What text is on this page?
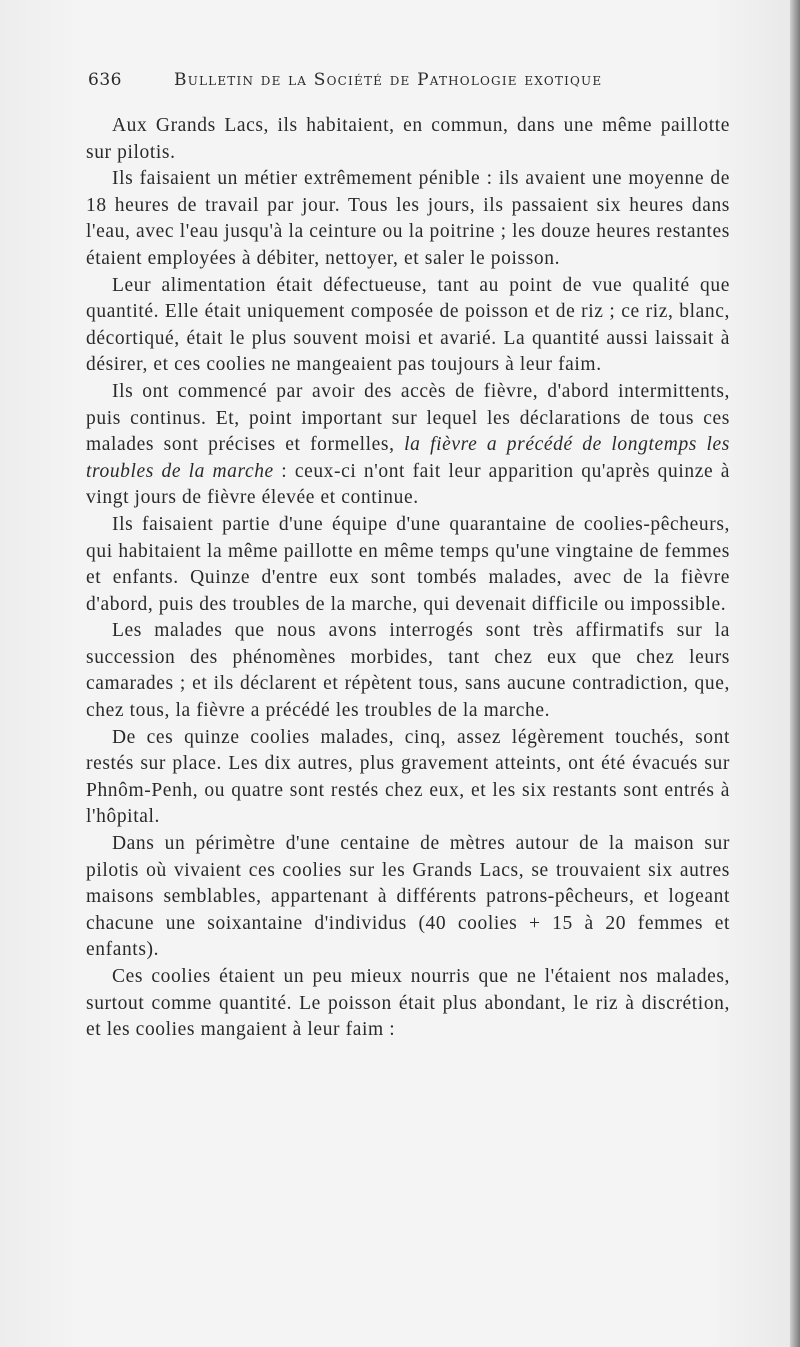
636	Bulletin de la Société de Pathologie exotique

Aux Grands Lacs, ils habitaient, en commun, dans une même paillotte sur pilotis.

Ils faisaient un métier extrêmement pénible : ils avaient une moyenne de 18 heures de travail par jour. Tous les jours, ils passaient six heures dans l'eau, avec l'eau jusqu'à la ceinture ou la poitrine ; les douze heures restantes étaient employées à débiter, nettoyer, et saler le poisson.

Leur alimentation était défectueuse, tant au point de vue qualité que quantité. Elle était uniquement composée de poisson et de riz ; ce riz, blanc, décortiqué, était le plus souvent moisi et avarié. La quantité aussi laissait à désirer, et ces coolies ne mangeaient pas toujours à leur faim.

Ils ont commencé par avoir des accès de fièvre, d'abord intermittents, puis continus. Et, point important sur lequel les déclarations de tous ces malades sont précises et formelles, la fièvre a précédé de longtemps les troubles de la marche : ceux-ci n'ont fait leur apparition qu'après quinze à vingt jours de fièvre élevée et continue.

Ils faisaient partie d'une équipe d'une quarantaine de coolies-pêcheurs, qui habitaient la même paillotte en même temps qu'une vingtaine de femmes et enfants. Quinze d'entre eux sont tombés malades, avec de la fièvre d'abord, puis des troubles de la marche, qui devenait difficile ou impossible.

Les malades que nous avons interrogés sont très affirmatifs sur la succession des phénomènes morbides, tant chez eux que chez leurs camarades ; et ils déclarent et répètent tous, sans aucune contradiction, que, chez tous, la fièvre a précédé les troubles de la marche.

De ces quinze coolies malades, cinq, assez légèrement touchés, sont restés sur place. Les dix autres, plus gravement atteints, ont été évacués sur Phnôm-Penh, ou quatre sont restés chez eux, et les six restants sont entrés à l'hôpital.

Dans un périmètre d'une centaine de mètres autour de la maison sur pilotis où vivaient ces coolies sur les Grands Lacs, se trouvaient six autres maisons semblables, appartenant à différents patrons-pêcheurs, et logeant chacune une soixantaine d'individus (40 coolies + 15 à 20 femmes et enfants).

Ces coolies étaient un peu mieux nourris que ne l'étaient nos malades, surtout comme quantité. Le poisson était plus abondant, le riz à discrétion, et les coolies mangaient à leur faim :
